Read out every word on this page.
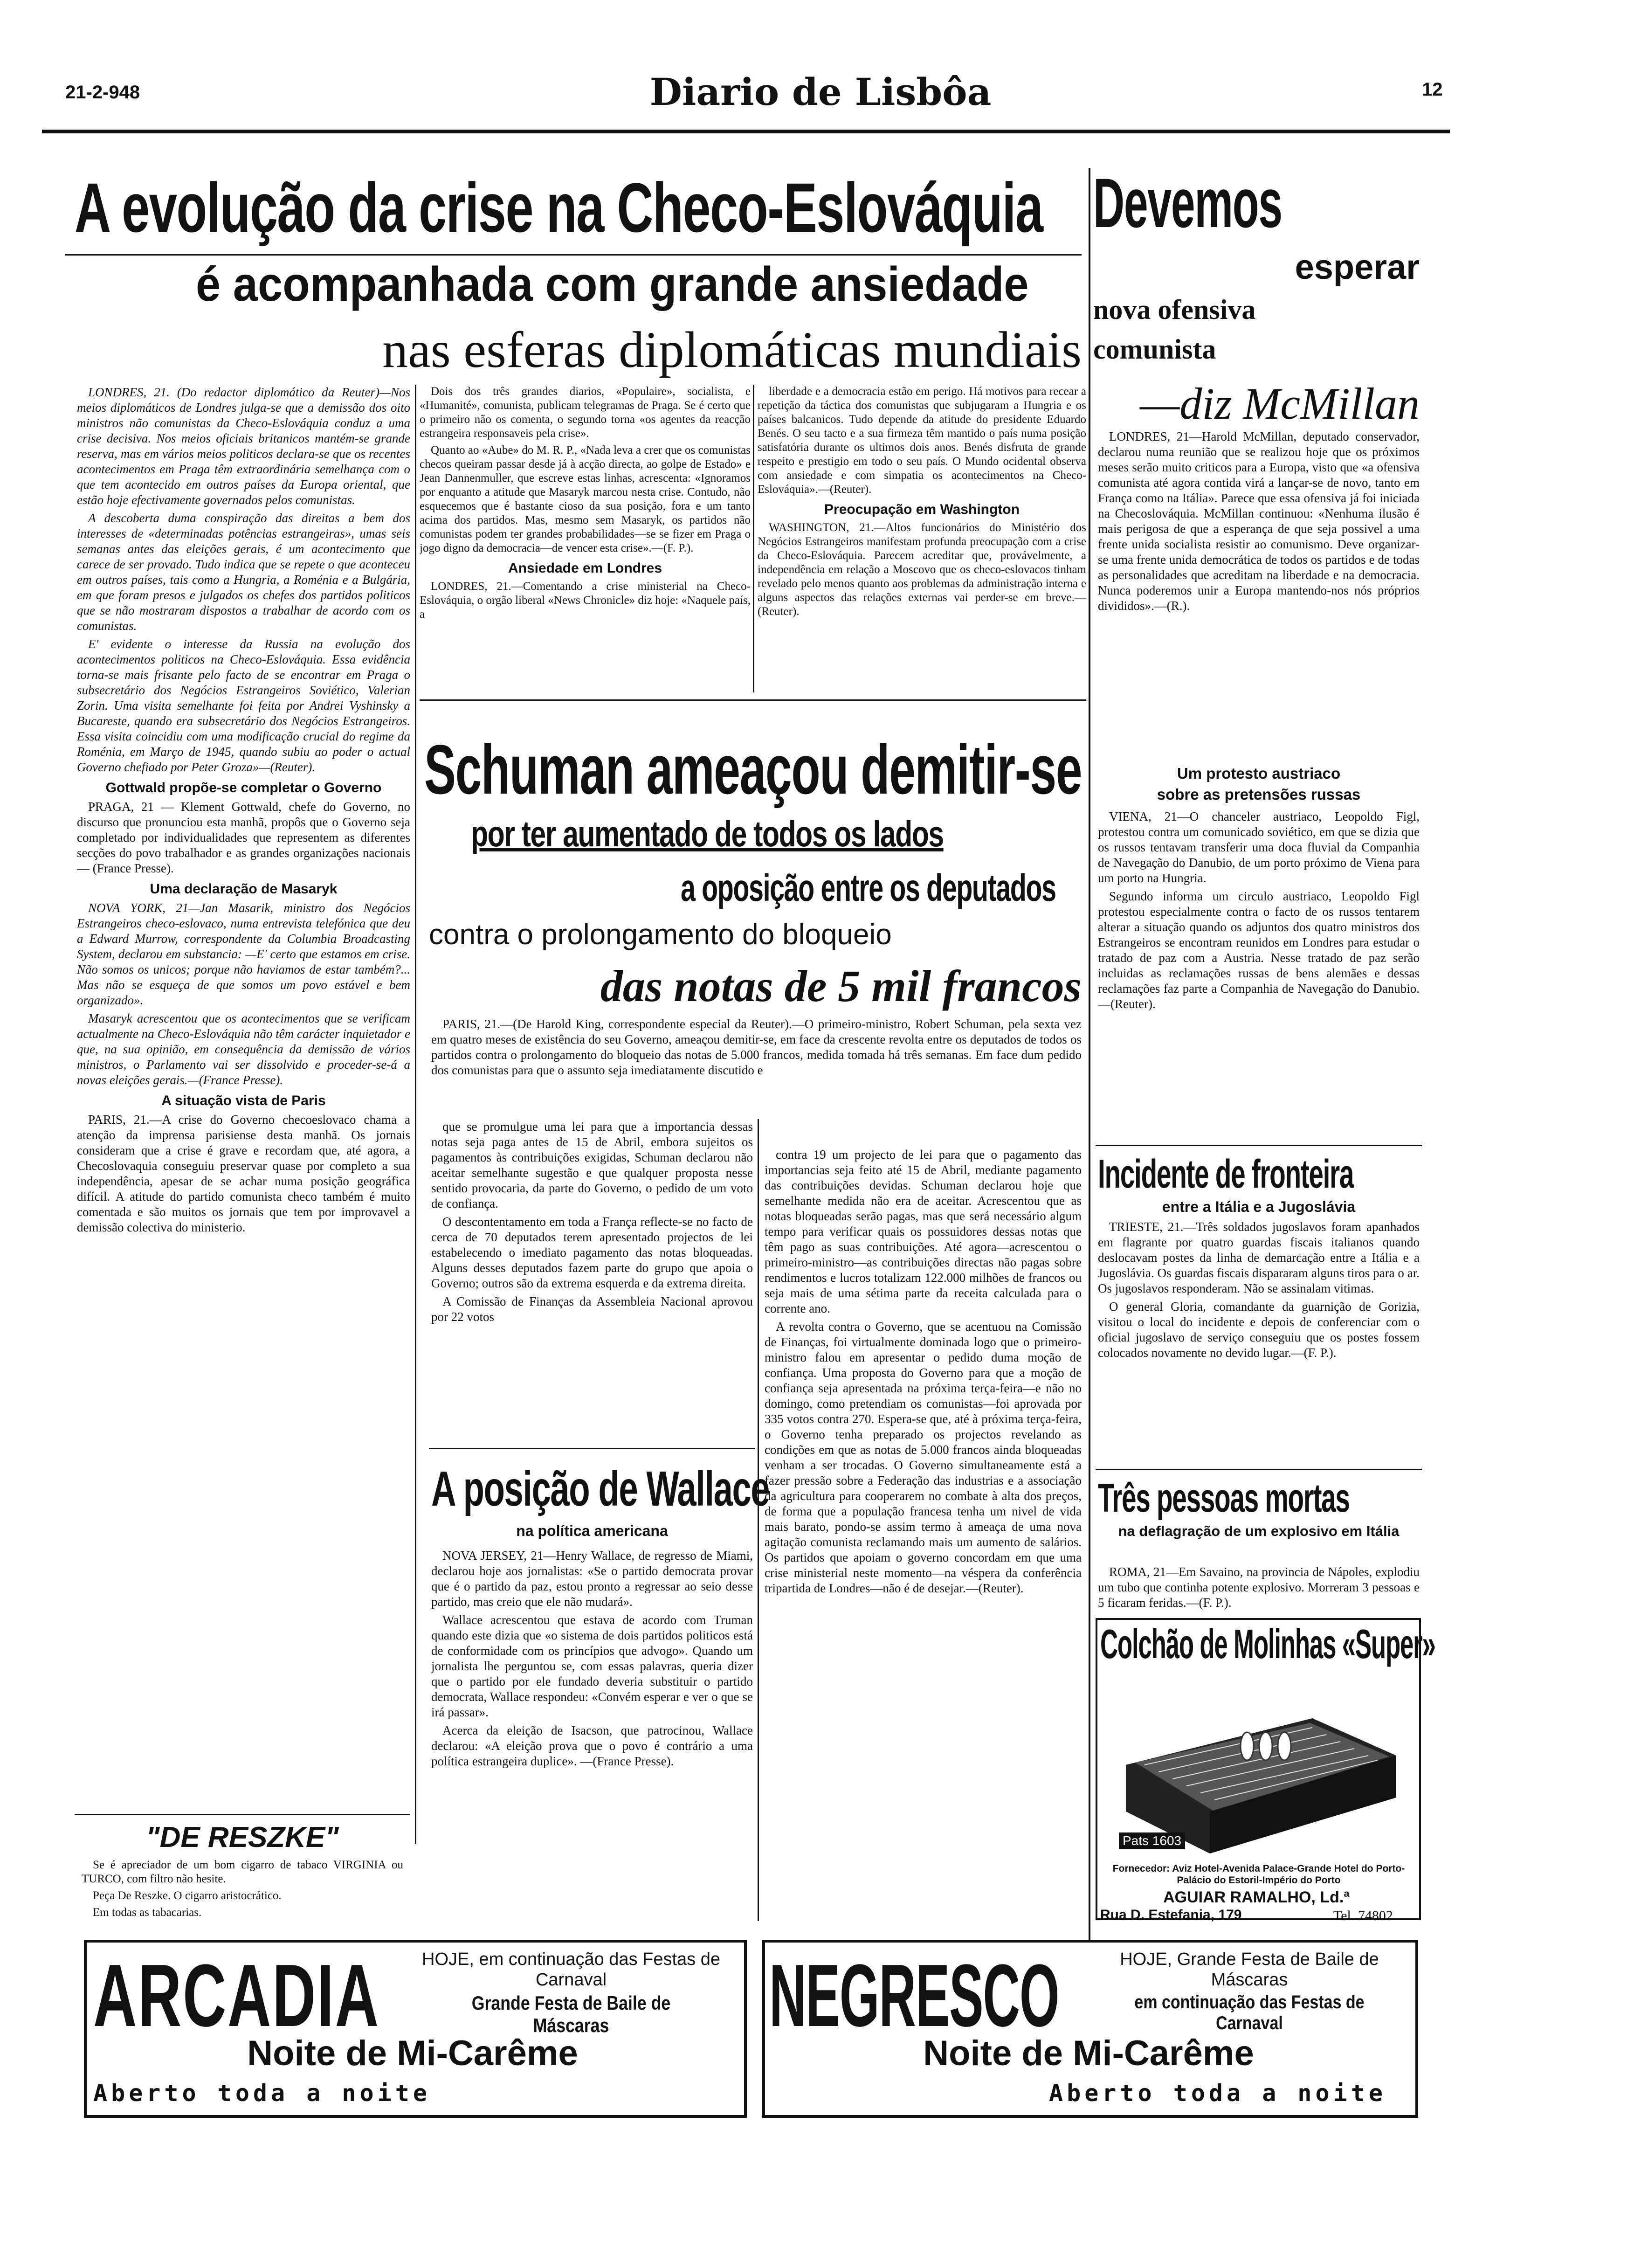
21-2-948	Diario de Lisbôa	12
A evolução da crise na Checo-Eslováquia
é acompanhada com grande ansiedade
nas esferas diplomáticas mundiais

LONDRES, 21. (Do redactor diplomático da Reuter)—Nos meios diplomáticos de Londres julga-se que a demissão dos oito ministros não comunistas da Checo-Eslováquia conduz a uma crise decisiva. Nos meios oficiais britanicos mantém-se grande reserva, mas em vários meios politicos declara-se que os recentes acontecimentos em Praga têm extraordinária semelhança com o que tem acontecido em outros países da Europa oriental, que estão hoje efectivamente governados pelos comunistas.

A descoberta duma conspiração das direitas a bem dos interesses de «determinadas potências estrangeiras», umas seis semanas antes das eleições gerais, é um acontecimento que carece de ser provado. Tudo indica que se repete o que aconteceu em outros países, tais como a Hungria, a Roménia e a Bulgária, em que foram presos e julgados os chefes dos partidos politicos que se não mostraram dispostos a trabalhar de acordo com os comunistas.

E' evidente o interesse da Russia na evolução dos acontecimentos politicos na Checo-Eslováquia. Essa evidência torna-se mais frisante pelo facto de se encontrar em Praga o subsecretário dos Negócios Estrangeiros Soviético, Valerian Zorin. Uma visita semelhante foi feita por Andrei Vyshinsky a Bucareste, quando era subsecretário dos Negócios Estrangeiros. Essa visita coincidiu com uma modificação crucial do regime da Roménia, em Março de 1945, quando subiu ao poder o actual Governo chefiado por Peter Groza»—(Reuter).

Gottwald propõe-se completar o Governo

PRAGA, 21 — Klement Gottwald, chefe do Governo, no discurso que pronunciou esta manhã, propôs que o Governo seja completado por individualidades que representem as diferentes secções do povo trabalhador e as grandes organizações nacionais — (France Presse).

Uma declaração de Masaryk

NOVA YORK, 21—Jan Masarik, ministro dos Negócios Estrangeiros checo-eslovaco, numa entrevista telefónica que deu a Edward Murrow, correspondente da Columbia Broadcasting System, declarou em substancia: —E' certo que estamos em crise. Não somos os unicos; porque não haviamos de estar também?... Mas não se esqueça de que somos um povo estável e bem organizado».

Masaryk acrescentou que os acontecimentos que se verificam actualmente na Checo-Eslováquia não têm carácter inquietador e que, na sua opinião, em consequência da demissão de vários ministros, o Parlamento vai ser dissolvido e proceder-se-á a novas eleições gerais.—(France Presse).

A situação vista de Paris

PARIS, 21.—A crise do Governo checoeslovaco chama a atenção da imprensa parisiense desta manhã. Os jornais consideram que a crise é grave e recordam que, até agora, a Checoslovaquia conseguiu preservar quase por completo a sua independência, apesar de se achar numa posição geográfica difícil. A atitude do partido comunista checo também é muito comentada e são muitos os jornais que tem por improvavel a demissão colectiva do ministerio.

Dois dos três grandes diarios, «Populaire», socialista, e «Humanité», comunista, publicam telegramas de Praga. Se é certo que o primeiro não os comenta, o segundo torna «os agentes da reacção estrangeira responsaveis pela crise».

Quanto ao «Aube» do M. R. P., «Nada leva a crer que os comunistas checos queiram passar desde já à acção directa, ao golpe de Estado» e Jean Dannenmuller, que escreve estas linhas, acrescenta: «Ignoramos por enquanto a atitude que Masaryk marcou nesta crise. Contudo, não esquecemos que é bastante cioso da sua posição, fora e um tanto acima dos partidos. Mas, mesmo sem Masaryk, os partidos não comunistas podem ter grandes probabilidades—se se fizer em Praga o jogo digno da democracia—de vencer esta crise».—(F. P.).

Ansiedade em Londres

LONDRES, 21.—Comentando a crise ministerial na Checo-Eslováquia, o orgão liberal «News Chronicle» diz hoje: «Naquele país, a

liberdade e a democracia estão em perigo. Há motivos para recear a repetição da táctica dos comunistas que subjugaram a Hungria e os países balcanicos. Tudo depende da atitude do presidente Eduardo Benés. O seu tacto e a sua firmeza têm mantido o país numa posição satisfatória durante os ultimos dois anos. Benés disfruta de grande respeito e prestigio em todo o seu país. O Mundo ocidental observa com ansiedade e com simpatia os acontecimentos na Checo-Eslováquia».—(Reuter).

Preocupação em Washington

WASHINGTON, 21.—Altos funcionários do Ministério dos Negócios Estrangeiros manifestam profunda preocupação com a crise da Checo-Eslováquia. Parecem acreditar que, provávelmente, a independência em relação a Moscovo que os checo-eslovacos tinham revelado pelo menos quanto aos problemas da administração interna e alguns aspectos das relações externas vai perder-se em breve.—(Reuter).

Schuman ameaçou demitir-se
por ter aumentado de todos os lados
a oposição entre os deputados
contra o prolongamento do bloqueio
das notas de 5 mil francos

PARIS, 21.—(De Harold King, correspondente especial da Reuter).—O primeiro-ministro, Robert Schuman, pela sexta vez em quatro meses de existência do seu Governo, ameaçou demitir-se, em face da crescente revolta entre os deputados de todos os partidos contra o prolongamento do bloqueio das notas de 5.000 francos, medida tomada há três semanas. Em face dum pedido dos comunistas para que o assunto seja imediatamente discutido e

que se promulgue uma lei para que a importancia dessas notas seja paga antes de 15 de Abril, embora sujeitos os pagamentos às contribuições exigidas, Schuman declarou não aceitar semelhante sugestão e que qualquer proposta nesse sentido provocaria, da parte do Governo, o pedido de um voto de confiança.

O descontentamento em toda a França reflecte-se no facto de cerca de 70 deputados terem apresentado projectos de lei estabelecendo o imediato pagamento das notas bloqueadas. Alguns desses deputados fazem parte do grupo que apoia o Governo; outros são da extrema esquerda e da extrema direita.

A Comissão de Finanças da Assembleia Nacional aprovou por 22 votos

contra 19 um projecto de lei para que o pagamento das importancias seja feito até 15 de Abril, mediante pagamento das contribuições devidas. Schuman declarou hoje que semelhante medida não era de aceitar. Acrescentou que as notas bloqueadas serão pagas, mas que será necessário algum tempo para verificar quais os possuidores dessas notas que têm pago as suas contribuições. Até agora—acrescentou o primeiro-ministro—as contribuições directas não pagas sobre rendimentos e lucros totalizam 122.000 milhões de francos ou seja mais de uma sétima parte da receita calculada para o corrente ano.

A revolta contra o Governo, que se acentuou na Comissão de Finanças, foi virtualmente dominada logo que o primeiro-ministro falou em apresentar o pedido duma moção de confiança. Uma proposta do Governo para que a moção de confiança seja apresentada na próxima terça-feira—e não no domingo, como pretendiam os comunistas—foi aprovada por 335 votos contra 270. Espera-se que, até à próxima terça-feira, o Governo tenha preparado os projectos revelando as condições em que as notas de 5.000 francos ainda bloqueadas venham a ser trocadas. O Governo simultaneamente está a fazer pressão sobre a Federação das industrias e a associação da agricultura para cooperarem no combate à alta dos preços, de forma que a população francesa tenha um nivel de vida mais barato, pondo-se assim termo à ameaça de uma nova agitação comunista reclamando mais um aumento de salários. Os partidos que apoiam o governo concordam em que uma crise ministerial neste momento—na véspera da conferência tripartida de Londres—não é de desejar.—(Reuter).

A posição de Wallace
na política americana

NOVA JERSEY, 21—Henry Wallace, de regresso de Miami, declarou hoje aos jornalistas: «Se o partido democrata provar que é o partido da paz, estou pronto a regressar ao seio desse partido, mas creio que ele não mudará».

Wallace acrescentou que estava de acordo com Truman quando este dizia que «o sistema de dois partidos politicos está de conformidade com os princípios que advogo». Quando um jornalista lhe perguntou se, com essas palavras, queria dizer que o partido por ele fundado deveria substituir o partido democrata, Wallace respondeu: «Convém esperar e ver o que se irá passar».

Acerca da eleição de Isacson, que patrocinou, Wallace declarou: «A eleição prova que o povo é contrário a uma política estrangeira duplice». —(France Presse).

"DE RESZKE"

Se é apreciador de um bom cigarro de tabaco VIRGINIA ou TURCO, com filtro não hesite.

Peça De Reszke. O cigarro aristocrático.

Em todas as tabacarias.

Devemos
esperar
nova ofensiva
comunista
—diz McMillan

LONDRES, 21—Harold McMillan, deputado conservador, declarou numa reunião que se realizou hoje que os próximos meses serão muito criticos para a Europa, visto que «a ofensiva comunista até agora contida virá a lançar-se de novo, tanto em França como na Itália». Parece que essa ofensiva já foi iniciada na Checoslováquia. McMillan continuou: «Nenhuma ilusão é mais perigosa de que a esperança de que seja possivel a uma frente unida socialista resistir ao comunismo. Deve organizar-se uma frente unida democrática de todos os partidos e de todas as personalidades que acreditam na liberdade e na democracia. Nunca poderemos unir a Europa mantendo-nos nós próprios divididos».—(R.).

Um protesto austriaco
sobre as pretensões russas

VIENA, 21—O chanceler austriaco, Leopoldo Figl, protestou contra um comunicado soviético, em que se dizia que os russos tentavam transferir uma doca fluvial da Companhia de Navegação do Danubio, de um porto próximo de Viena para um porto na Hungria.

Segundo informa um circulo austriaco, Leopoldo Figl protestou especialmente contra o facto de os russos tentarem alterar a situação quando os adjuntos dos quatro ministros dos Estrangeiros se encontram reunidos em Londres para estudar o tratado de paz com a Austria. Nesse tratado de paz serão incluidas as reclamações russas de bens alemães e dessas reclamações faz parte a Companhia de Navegação do Danubio.—(Reuter).

Incidente de fronteira
entre a Itália e a Jugoslávia

TRIESTE, 21.—Três soldados jugoslavos foram apanhados em flagrante por quatro guardas fiscais italianos quando deslocavam postes da linha de demarcação entre a Itália e a Jugoslávia. Os guardas fiscais dispararam alguns tiros para o ar. Os jugoslavos responderam. Não se assinalam vitimas.

O general Gloria, comandante da guarnição de Gorizia, visitou o local do incidente e depois de conferenciar com o oficial jugoslavo de serviço conseguiu que os postes fossem colocados novamente no devido lugar.—(F. P.).

Três pessoas mortas
na deflagração de um explosivo em Itália

ROMA, 21—Em Savaino, na provincia de Nápoles, explodiu um tubo que continha potente explosivo. Morreram 3 pessoas e 5 ficaram feridas.—(F. P.).

Colchão de Molinhas «Super»
Pats 1603	20 Anos de fabrico
Fornecedor: Aviz Hotel-Avenida Palace-Grande Hotel do Porto-Palácio do Estoril-Império do Porto
AGUIAR RAMALHO, Ld.ª
Rua D. Estefania, 179	Tel. 74802
ARCADIA	HOJE, em continuação das Festas de Carnaval
Grande Festa de Baile de Máscaras
Noite de Mi-Carême
Aberto toda a noite
NEGRESCO	HOJE, Grande Festa de Baile de Máscaras
em continuação das Festas de Carnaval
Noite de Mi-Carême
Aberto toda a noite
